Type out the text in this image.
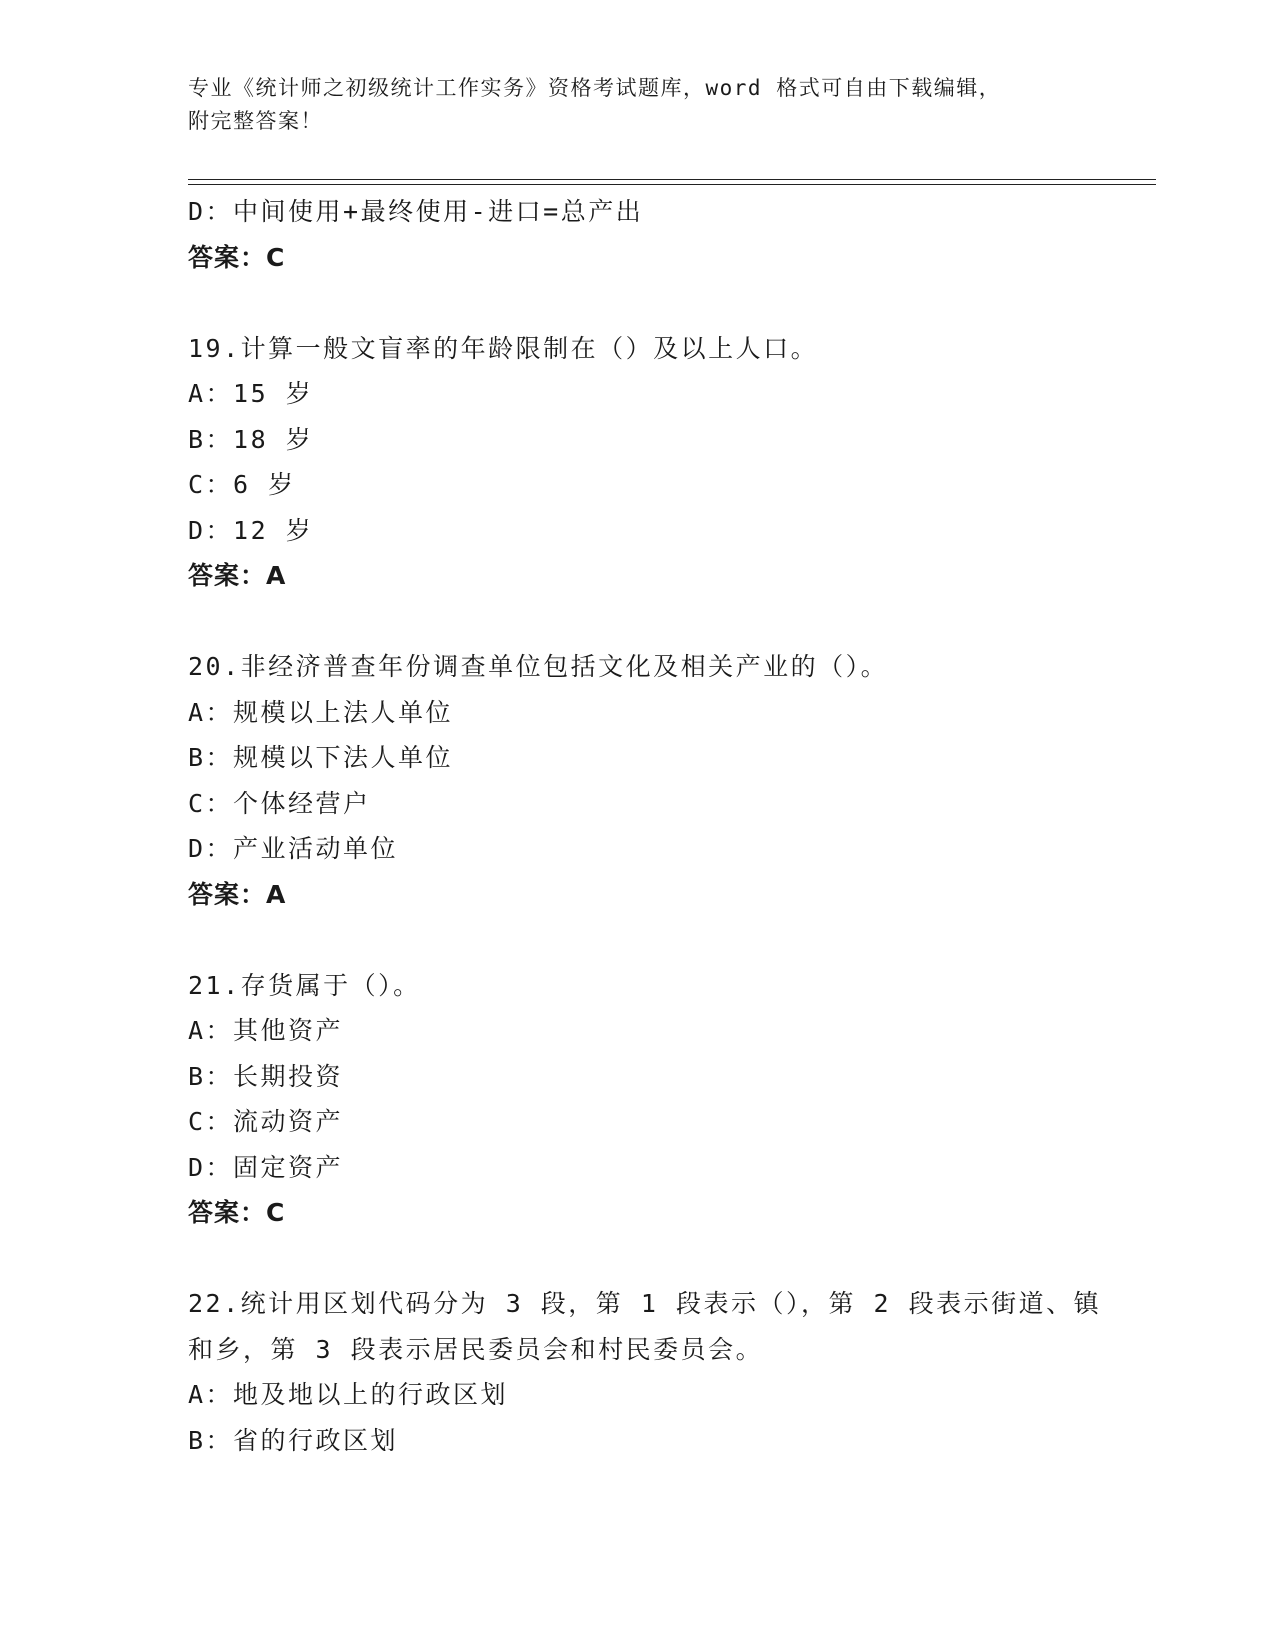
专业《统计师之初级统计工作实务》资格考试题库，word 格式可自由下载编辑，
附完整答案！
D：中间使用+最终使用-进口=总产出
答案：C
19.计算一般文盲率的年龄限制在（）及以上人口。
A：15 岁
B：18 岁
C：6 岁
D：12 岁
答案：A
20.非经济普查年份调查单位包括文化及相关产业的（）。
A：规模以上法人单位
B：规模以下法人单位
C：个体经营户
D：产业活动单位
答案：A
21.存货属于（）。
A：其他资产
B：长期投资
C：流动资产
D：固定资产
答案：C
22.统计用区划代码分为 3 段，第 1 段表示（），第 2 段表示街道、镇
和乡，第 3 段表示居民委员会和村民委员会。
A：地及地以上的行政区划
B：省的行政区划
